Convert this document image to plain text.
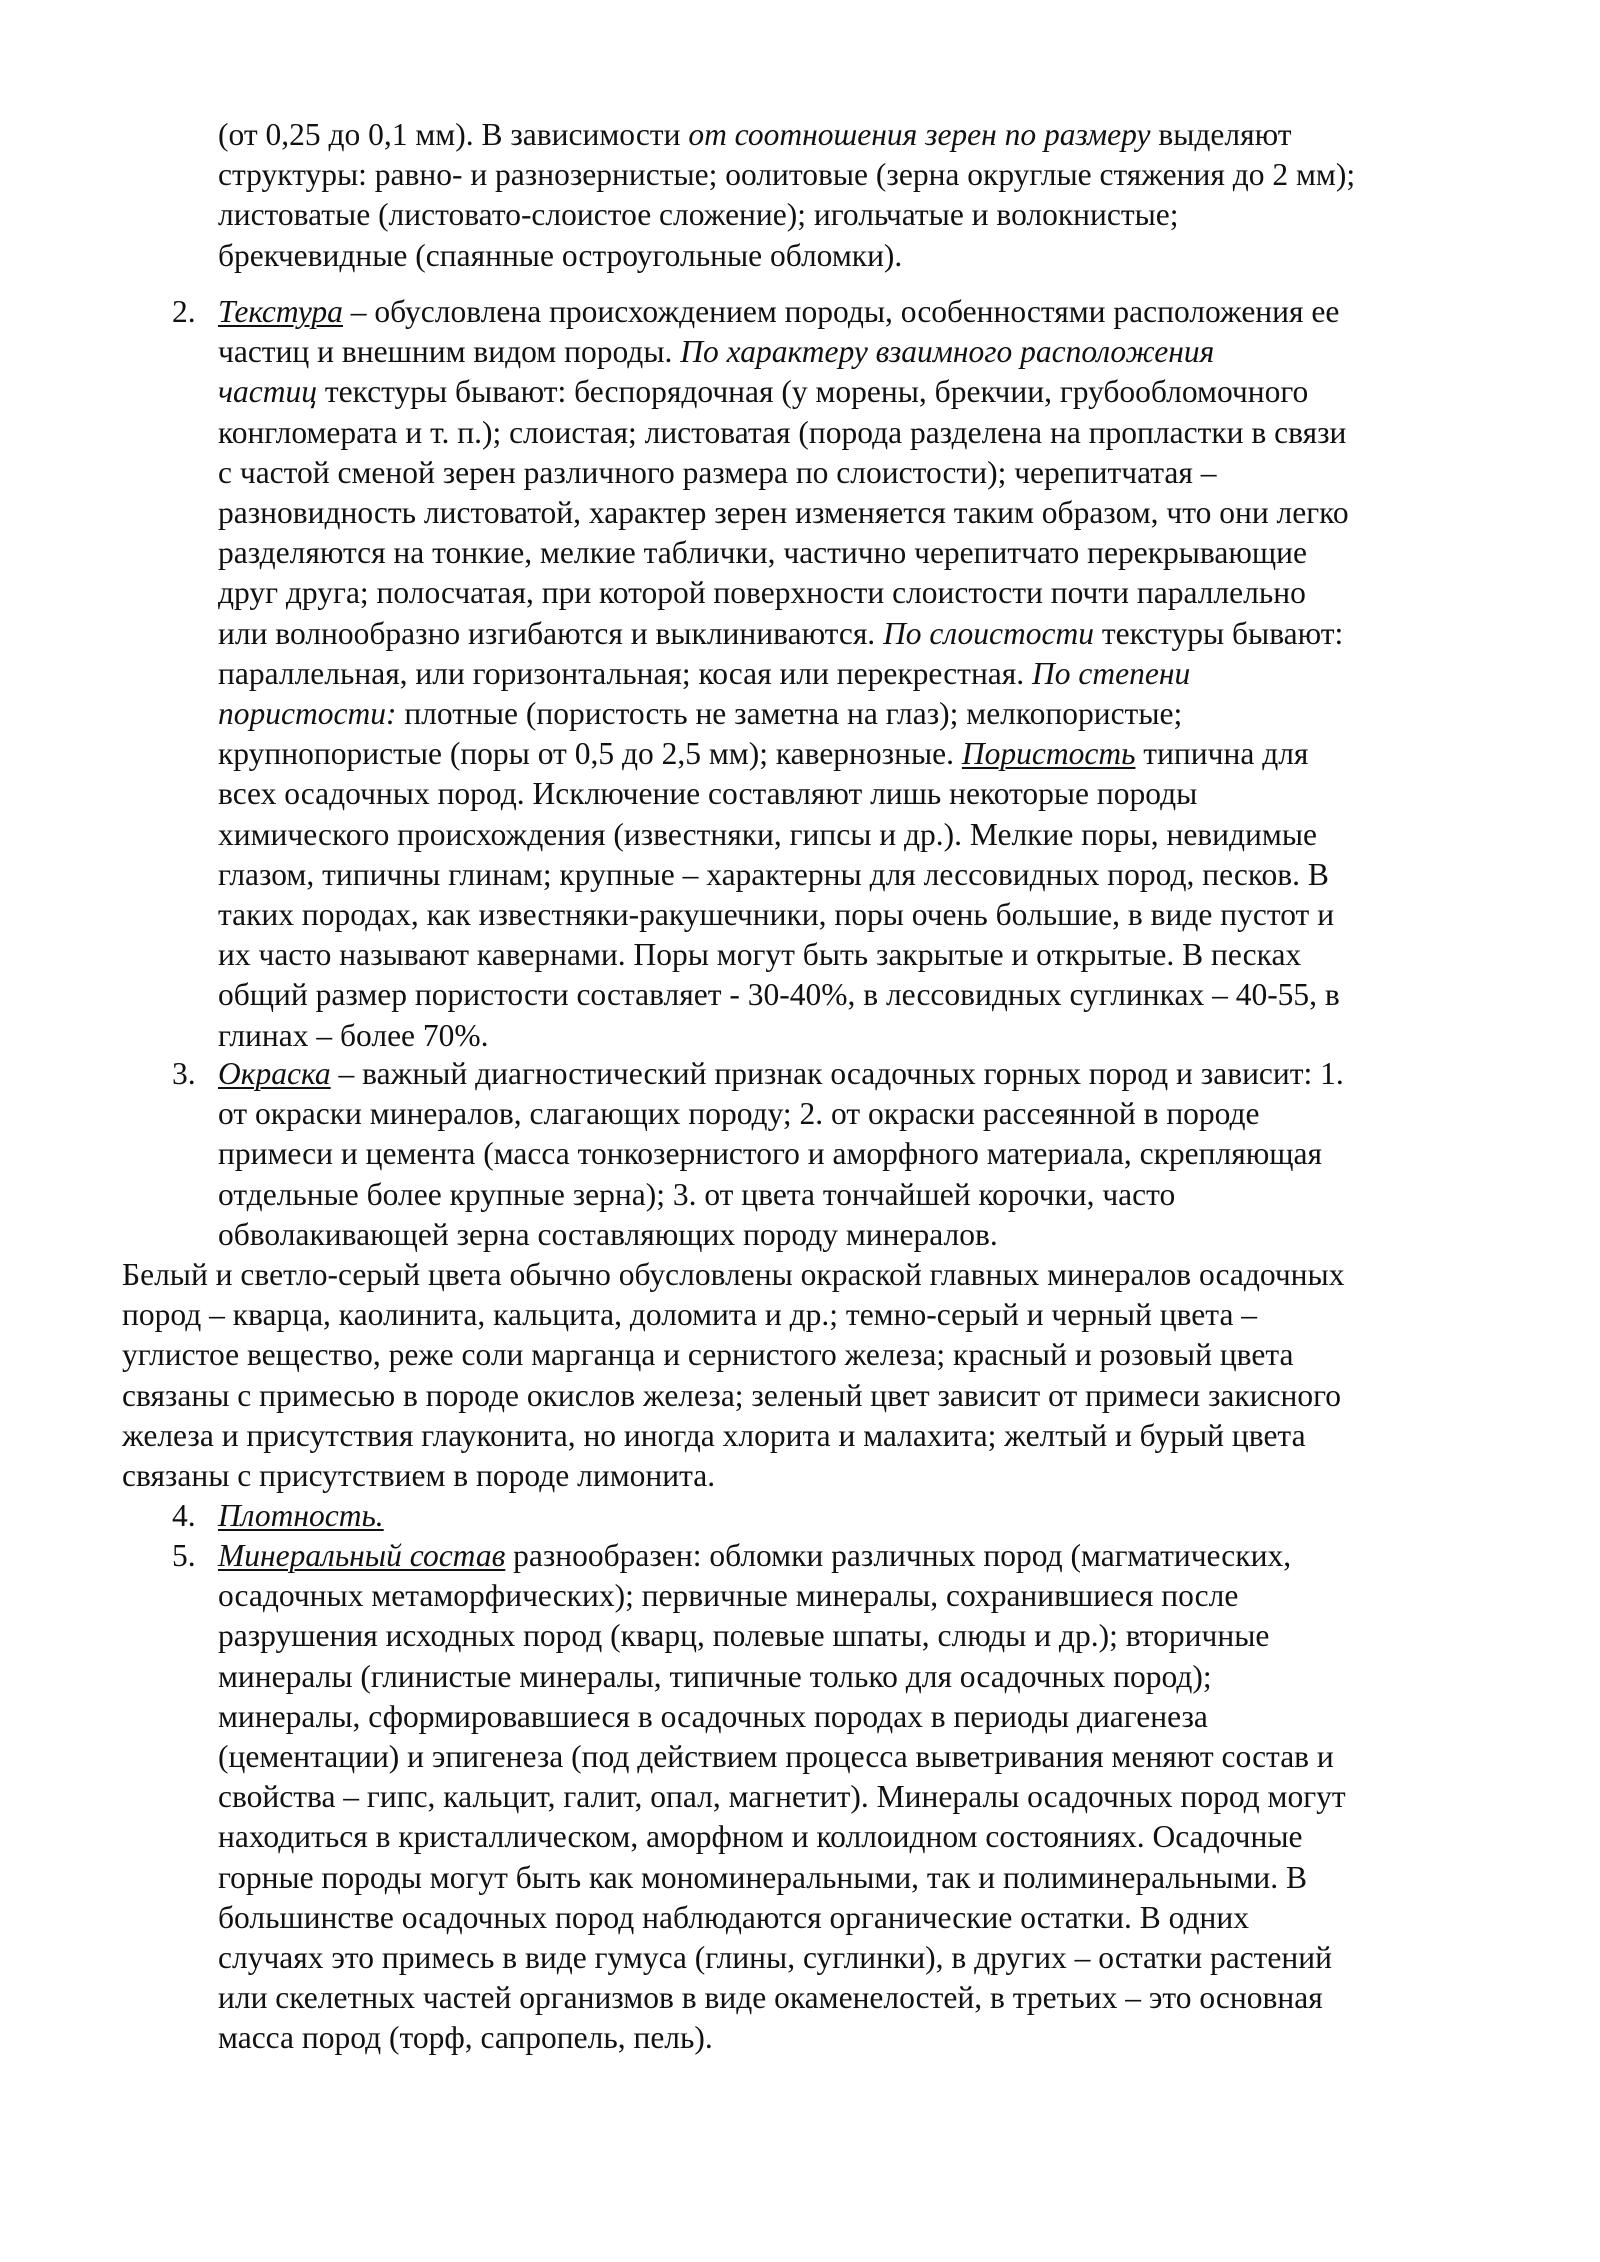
(от 0,25 до 0,1 мм). В зависимости от соотношения зерен по размеру выделяют
структуры: равно- и разнозернистые; оолитовые (зерна округлые стяжения до 2 мм);
листоватые (листовато-слоистое сложение); игольчатые и волокнистые;
брекчевидные (спаянные остроугольные обломки).
2. Текстура – обусловлена происхождением породы, особенностями расположения ее
частиц и внешним видом породы. По характеру взаимного расположения
частиц текстуры бывают: беспорядочная (у морены, брекчии, грубообломочного
конгломерата и т. п.); слоистая; листоватая (порода разделена на пропластки в связи
с частой сменой зерен различного размера по слоистости); черепитчатая –
разновидность листоватой, характер зерен изменяется таким образом, что они легко
разделяются на тонкие, мелкие таблички, частично черепитчато перекрывающие
друг друга; полосчатая, при которой поверхности слоистости почти параллельно
или волнообразно изгибаются и выклиниваются. По слоистости текстуры бывают:
параллельная, или горизонтальная; косая или перекрестная. По степени
пористости: плотные (пористость не заметна на глаз); мелкопористые;
крупнопористые (поры от 0,5 до 2,5 мм); кавернозные. Пористость типична для
всех осадочных пород. Исключение составляют лишь некоторые породы
химического происхождения (известняки, гипсы и др.). Мелкие поры, невидимые
глазом, типичны глинам; крупные – характерны для лессовидных пород, песков. В
таких породах, как известняки-ракушечники, поры очень большие, в виде пустот и
их часто называют кавернами. Поры могут быть закрытые и открытые. В песках
общий размер пористости составляет - 30-40%, в лессовидных суглинках – 40-55, в
глинах – более 70%.
3. Окраска – важный диагностический признак осадочных горных пород и зависит: 1.
от окраски минералов, слагающих породу; 2. от окраски рассеянной в породе
примеси и цемента (масса тонкозернистого и аморфного материала, скрепляющая
отдельные более крупные зерна); 3. от цвета тончайшей корочки, часто
обволакивающей зерна составляющих породу минералов.
Белый и светло-серый цвета обычно обусловлены окраской главных минералов осадочных
пород – кварца, каолинита, кальцита, доломита и др.; темно-серый и черный цвета –
углистое вещество, реже соли марганца и сернистого железа; красный и розовый цвета
связаны с примесью в породе окислов железа; зеленый цвет зависит от примеси закисного
железа и присутствия глауконита, но иногда хлорита и малахита; желтый и бурый цвета
связаны с присутствием в породе лимонита.
4. Плотность.
5. Минеральный состав разнообразен: обломки различных пород (магматических,
осадочных метаморфических); первичные минералы, сохранившиеся после
разрушения исходных пород (кварц, полевые шпаты, слюды и др.); вторичные
минералы (глинистые минералы, типичные только для осадочных пород);
минералы, сформировавшиеся в осадочных породах в периоды диагенеза
(цементации) и эпигенеза (под действием процесса выветривания меняют состав и
свойства – гипс, кальцит, галит, опал, магнетит). Минералы осадочных пород могут
находиться в кристаллическом, аморфном и коллоидном состояниях. Осадочные
горные породы могут быть как мономинеральными, так и полиминеральными. В
большинстве осадочных пород наблюдаются органические остатки. В одних
случаях это примесь в виде гумуса (глины, суглинки), в других – остатки растений
или скелетных частей организмов в виде окаменелостей, в третьих – это основная
масса пород (торф, сапропель, пель).
